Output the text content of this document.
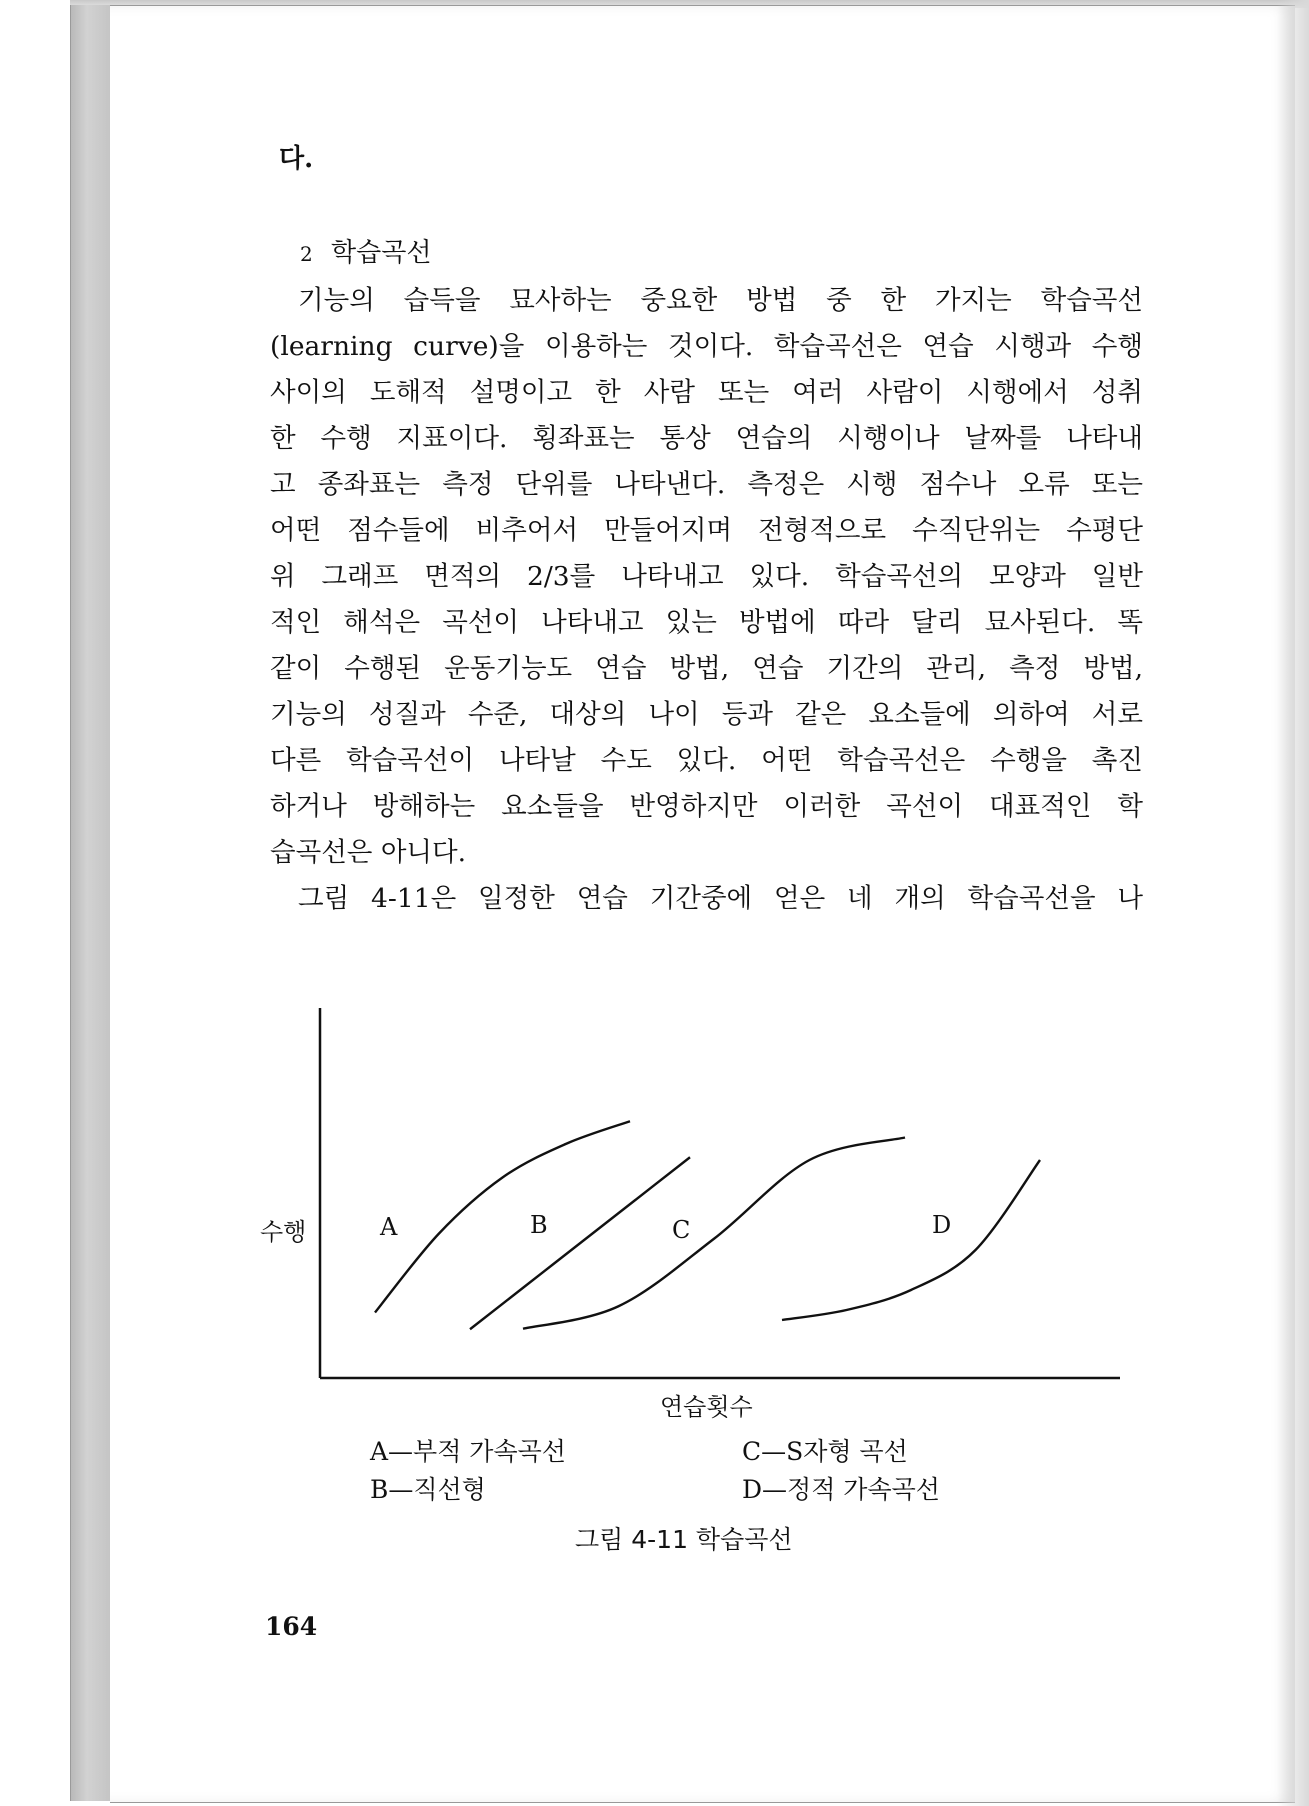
다.
2 학습곡선
기능의 습득을 묘사하는 중요한 방법 중 한 가지는 학습곡선
(learning curve)을 이용하는 것이다. 학습곡선은 연습 시행과 수행
사이의 도해적 설명이고 한 사람 또는 여러 사람이 시행에서 성취
한 수행 지표이다. 횡좌표는 통상 연습의 시행이나 날짜를 나타내
고 종좌표는 측정 단위를 나타낸다. 측정은 시행 점수나 오류 또는
어떤 점수들에 비추어서 만들어지며 전형적으로 수직단위는 수평단
위 그래프 면적의 2/3를 나타내고 있다. 학습곡선의 모양과 일반
적인 해석은 곡선이 나타내고 있는 방법에 따라 달리 묘사된다. 똑
같이 수행된 운동기능도 연습 방법, 연습 기간의 관리, 측정 방법,
기능의 성질과 수준, 대상의 나이 등과 같은 요소들에 의하여 서로
다른 학습곡선이 나타날 수도 있다. 어떤 학습곡선은 수행을 촉진
하거나 방해하는 요소들을 반영하지만 이러한 곡선이 대표적인 학
습곡선은 아니다.
그림 4-11은 일정한 연습 기간중에 얻은 네 개의 학습곡선을 나
A	B	C	D
수행
연습횟수
A—부적 가속곡선
B—직선형
C—S자형 곡선
D—정적 가속곡선
그림 4-11 학습곡선
164
